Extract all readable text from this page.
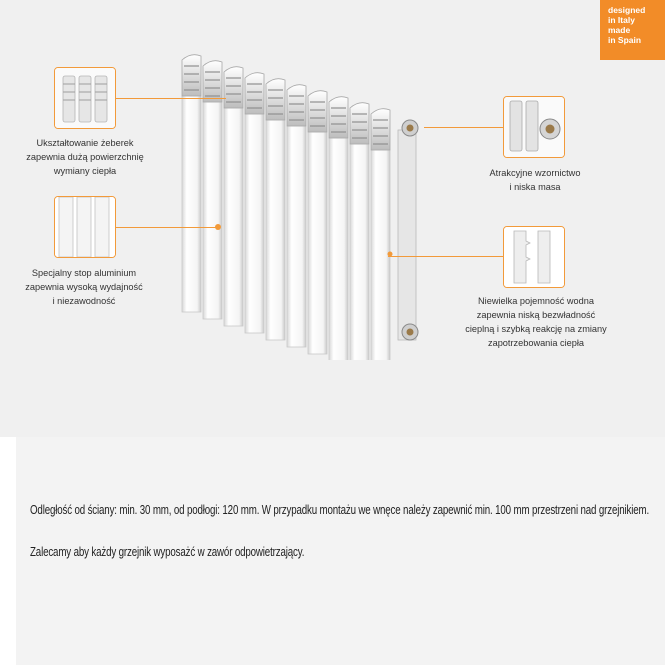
designed
in Italy
made
in Spain
Ukształtowanie żeberek
zapewnia dużą powierzchnię
wymiany ciepła
Specjalny stop aluminium
zapewnia wysoką wydajność
i niezawodność
Atrakcyjne wzornictwo
i niska masa
Niewielka pojemność wodna
zapewnia niską bezwładność
cieplną i szybką reakcję na zmiany
zapotrzebowania ciepła
Odległość od ściany: min. 30 mm, od podłogi: 120 mm. W przypadku montażu we wnęce należy zapewnić min. 100 mm przestrzeni nad grzejnikiem.
Zalecamy aby każdy grzejnik wyposażć w zawór odpowietrzający.
